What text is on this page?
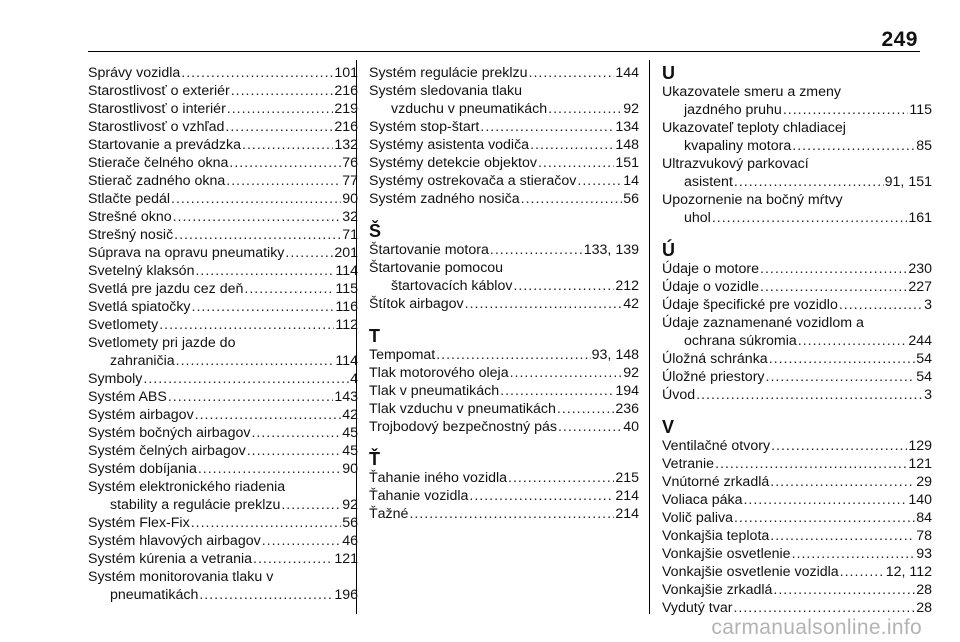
249
Správy vozidla .....	101
Starostlivosť o exteriér .....	216
Starostlivosť o interiér .....	219
Starostlivosť o vzhľad .....	216
Startovanie a prevádzka .....	132
Stierače čelného okna .....	76
Stierač zadného okna .....	77
Stlačte pedál .....	90
Strešné okno .....	32
Strešný nosič .....	71
Súprava na opravu pneumatiky .....	201
Svetelný klaksón .....	114
Svetlá pre jazdu cez deň .....	115
Svetlá spiatočky .....	116
Svetlomety .....	112
Svetlomety pri jazde do
zahraničia .....	114
Symboly .....	4
Systém ABS .....	143
Systém airbagov .....	42
Systém bočných airbagov .....	45
Systém čelných airbagov .....	45
Systém dobíjania .....	90
Systém elektronického riadenia
stability a regulácie preklzu .....	92
Systém Flex-Fix .....	56
Systém hlavových airbagov .....	46
Systém kúrenia a vetrania .....	121
Systém monitorovania tlaku v
pneumatikách .....	196
Systém regulácie preklzu .....	144
Systém sledovania tlaku
vzduchu v pneumatikách .....	92
Systém stop-štart .....	134
Systémy asistenta vodiča .....	148
Systémy detekcie objektov .....	151
Systémy ostrekovača a stieračov .....	14
Systém zadného nosiča .....	56
Š
Štartovanie motora .....	133, 139
Štartovanie pomocou
štartovacích káblov .....	212
Štítok airbagov .....	42
T
Tempomat .....	93, 148
Tlak motorového oleja .....	92
Tlak v pneumatikách .....	194
Tlak vzduchu v pneumatikách .....	236
Trojbodový bezpečnostný pás .....	40
Ť
Ťahanie iného vozidla .....	215
Ťahanie vozidla .....	214
Ťažné .....	214
U
Ukazovatele smeru a zmeny
jazdného pruhu .....	115
Ukazovateľ teploty chladiacej
kvapaliny motora .....	85
Ultrazvukový parkovací
asistent .....	91, 151
Upozornenie na bočný mŕtvy
uhol .....	161
Ú
Údaje o motore .....	230
Údaje o vozidle .....	227
Údaje špecifické pre vozidlo .....	3
Údaje zaznamenané vozidlom a
ochrana súkromia .....	244
Úložná schránka .....	54
Úložné priestory .....	54
Úvod .....	3
V
Ventilačné otvory .....	129
Vetranie .....	121
Vnútorné zrkadlá .....	29
Voliaca páka .....	140
Volič paliva .....	84
Vonkajšia teplota .....	78
Vonkajšie osvetlenie .....	93
Vonkajšie osvetlenie vozidla .....	12, 112
Vonkajšie zrkadlá .....	28
Vydutý tvar .....	28
carmanualsonline.info
